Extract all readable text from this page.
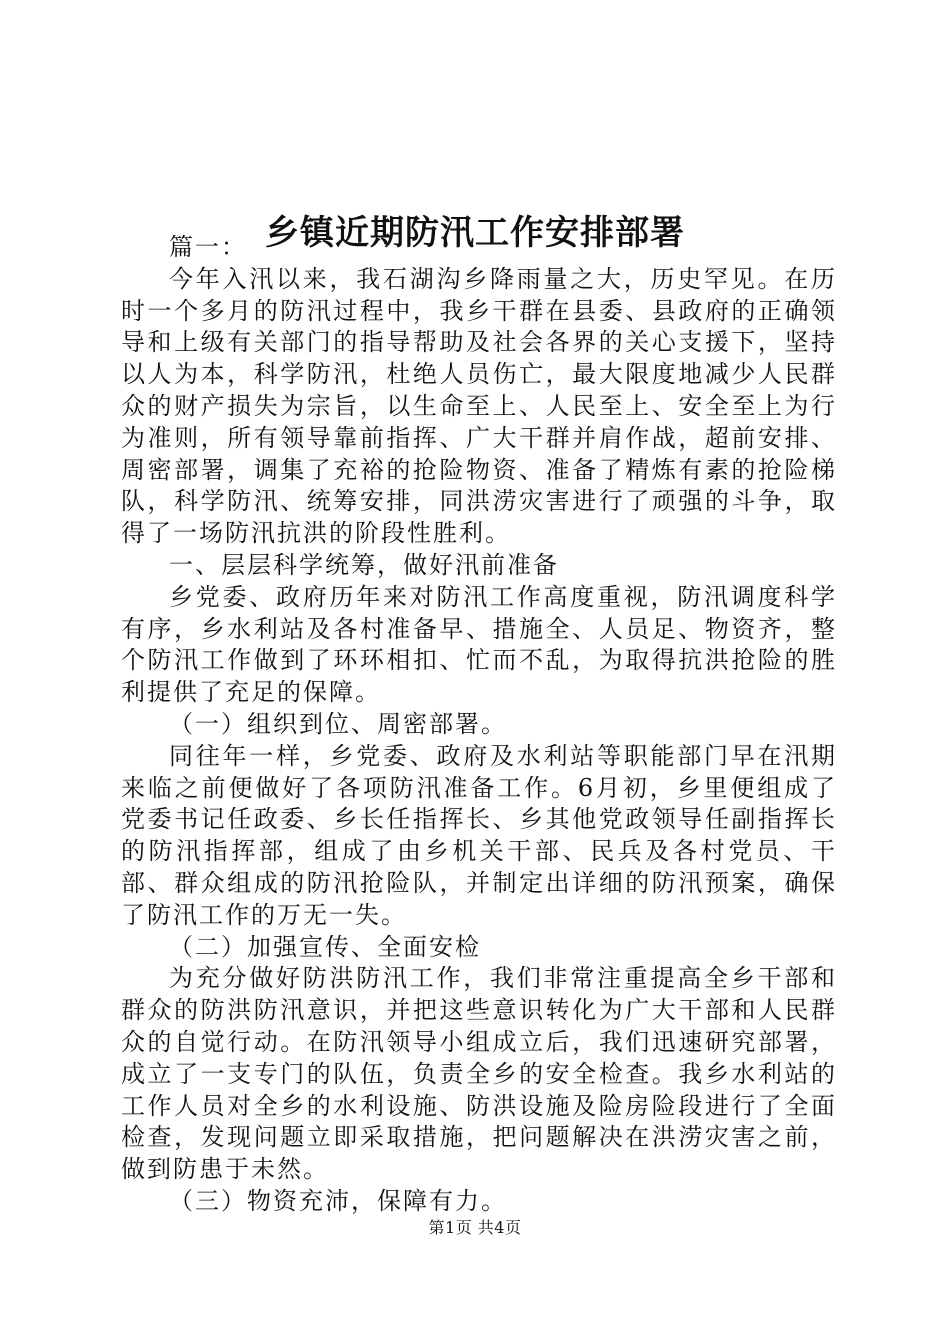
乡镇近期防汛工作安排部署

篇一：

今年入汛以来，我石湖沟乡降雨量之大，历史罕见。在历时一个多月的防汛过程中，我乡干群在县委、县政府的正确领导和上级有关部门的指导帮助及社会各界的关心支援下，坚持以人为本，科学防汛，杜绝人员伤亡，最大限度地减少人民群众的财产损失为宗旨，以生命至上、人民至上、安全至上为行为准则，所有领导靠前指挥、广大干群并肩作战，超前安排、周密部署，调集了充裕的抢险物资、准备了精炼有素的抢险梯队，科学防汛、统筹安排，同洪涝灾害进行了顽强的斗争，取得了一场防汛抗洪的阶段性胜利。

一、层层科学统筹，做好汛前准备

乡党委、政府历年来对防汛工作高度重视，防汛调度科学有序，乡水利站及各村准备早、措施全、人员足、物资齐，整个防汛工作做到了环环相扣、忙而不乱，为取得抗洪抢险的胜利提供了充足的保障。

（一）组织到位、周密部署。

同往年一样，乡党委、政府及水利站等职能部门早在汛期来临之前便做好了各项防汛准备工作。6月初，乡里便组成了党委书记任政委、乡长任指挥长、乡其他党政领导任副指挥长的防汛指挥部，组成了由乡机关干部、民兵及各村党员、干部、群众组成的防汛抢险队，并制定出详细的防汛预案，确保了防汛工作的万无一失。

（二）加强宣传、全面安检

为充分做好防洪防汛工作，我们非常注重提高全乡干部和群众的防洪防汛意识，并把这些意识转化为广大干部和人民群众的自觉行动。在防汛领导小组成立后，我们迅速研究部署，成立了一支专门的队伍，负责全乡的安全检查。我乡水利站的工作人员对全乡的水利设施、防洪设施及险房险段进行了全面检查，发现问题立即采取措施，把问题解决在洪涝灾害之前，做到防患于未然。

（三）物资充沛，保障有力。

第1页 共4页
